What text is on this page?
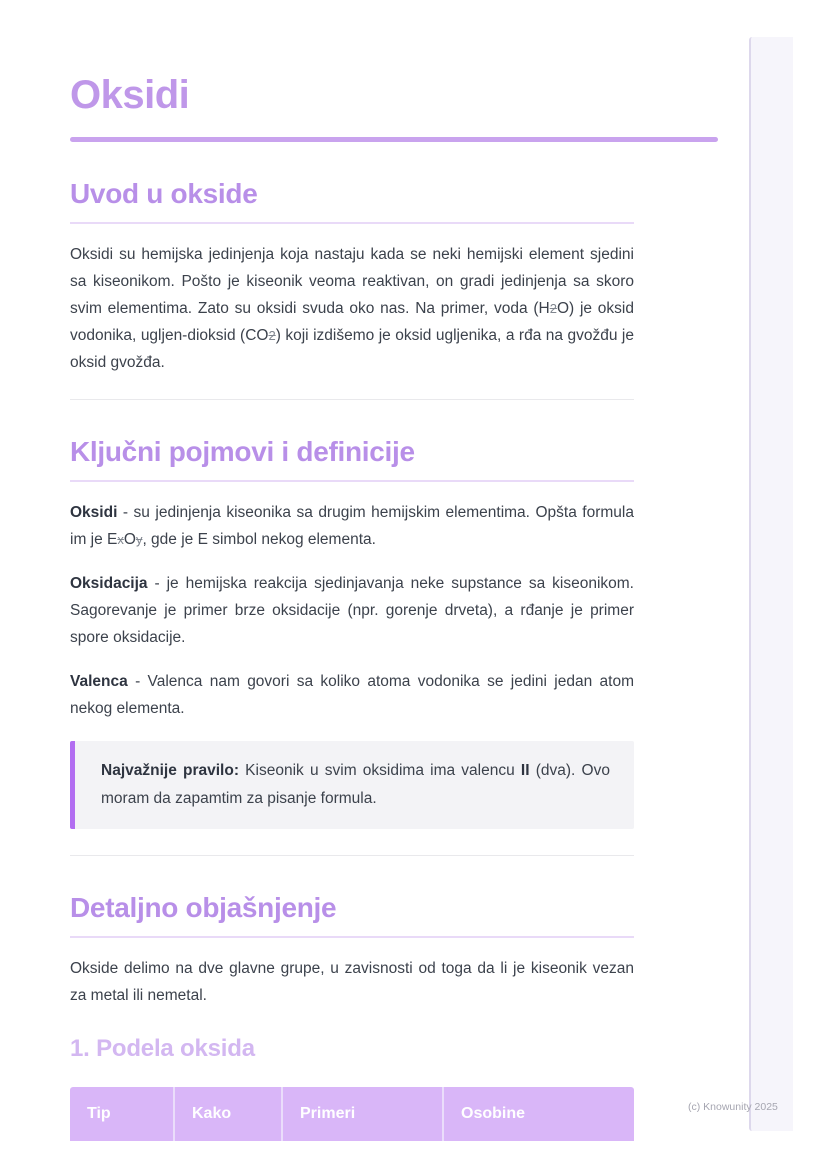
Oksidi
Uvod u okside

Oksidi su hemijska jedinjenja koja nastaju kada se neki hemijski element sjedini sa kiseonikom. Pošto je kiseonik veoma reaktivan, on gradi jedinjenja sa skoro svim elementima. Zato su oksidi svuda oko nas. Na primer, voda (H2O) je oksid vodonika, ugljen-dioksid (CO2) koji izdišemo je oksid ugljenika, a rđa na gvožđu je oksid gvožđa.

Ključni pojmovi i definicije

Oksidi - su jedinjenja kiseonika sa drugim hemijskim elementima. Opšta formula im je ExOy, gde je E simbol nekog elementa.

Oksidacija - je hemijska reakcija sjedinjavanja neke supstance sa kiseonikom. Sagorevanje je primer brze oksidacije (npr. gorenje drveta), a rđanje je primer spore oksidacije.

Valenca - Valenca nam govori sa koliko atoma vodonika se jedini jedan atom nekog elementa.

Najvažnije pravilo: Kiseonik u svim oksidima ima valencu II (dva). Ovo moram da zapamtim za pisanje formula.

Detaljno objašnjenje

Okside delimo na dve glavne grupe, u zavisnosti od toga da li je kiseonik vezan za metal ili nemetal.

1. Podela oksida
Tip	Kako	Primeri	Osobine	(c) Knowunity 2025
